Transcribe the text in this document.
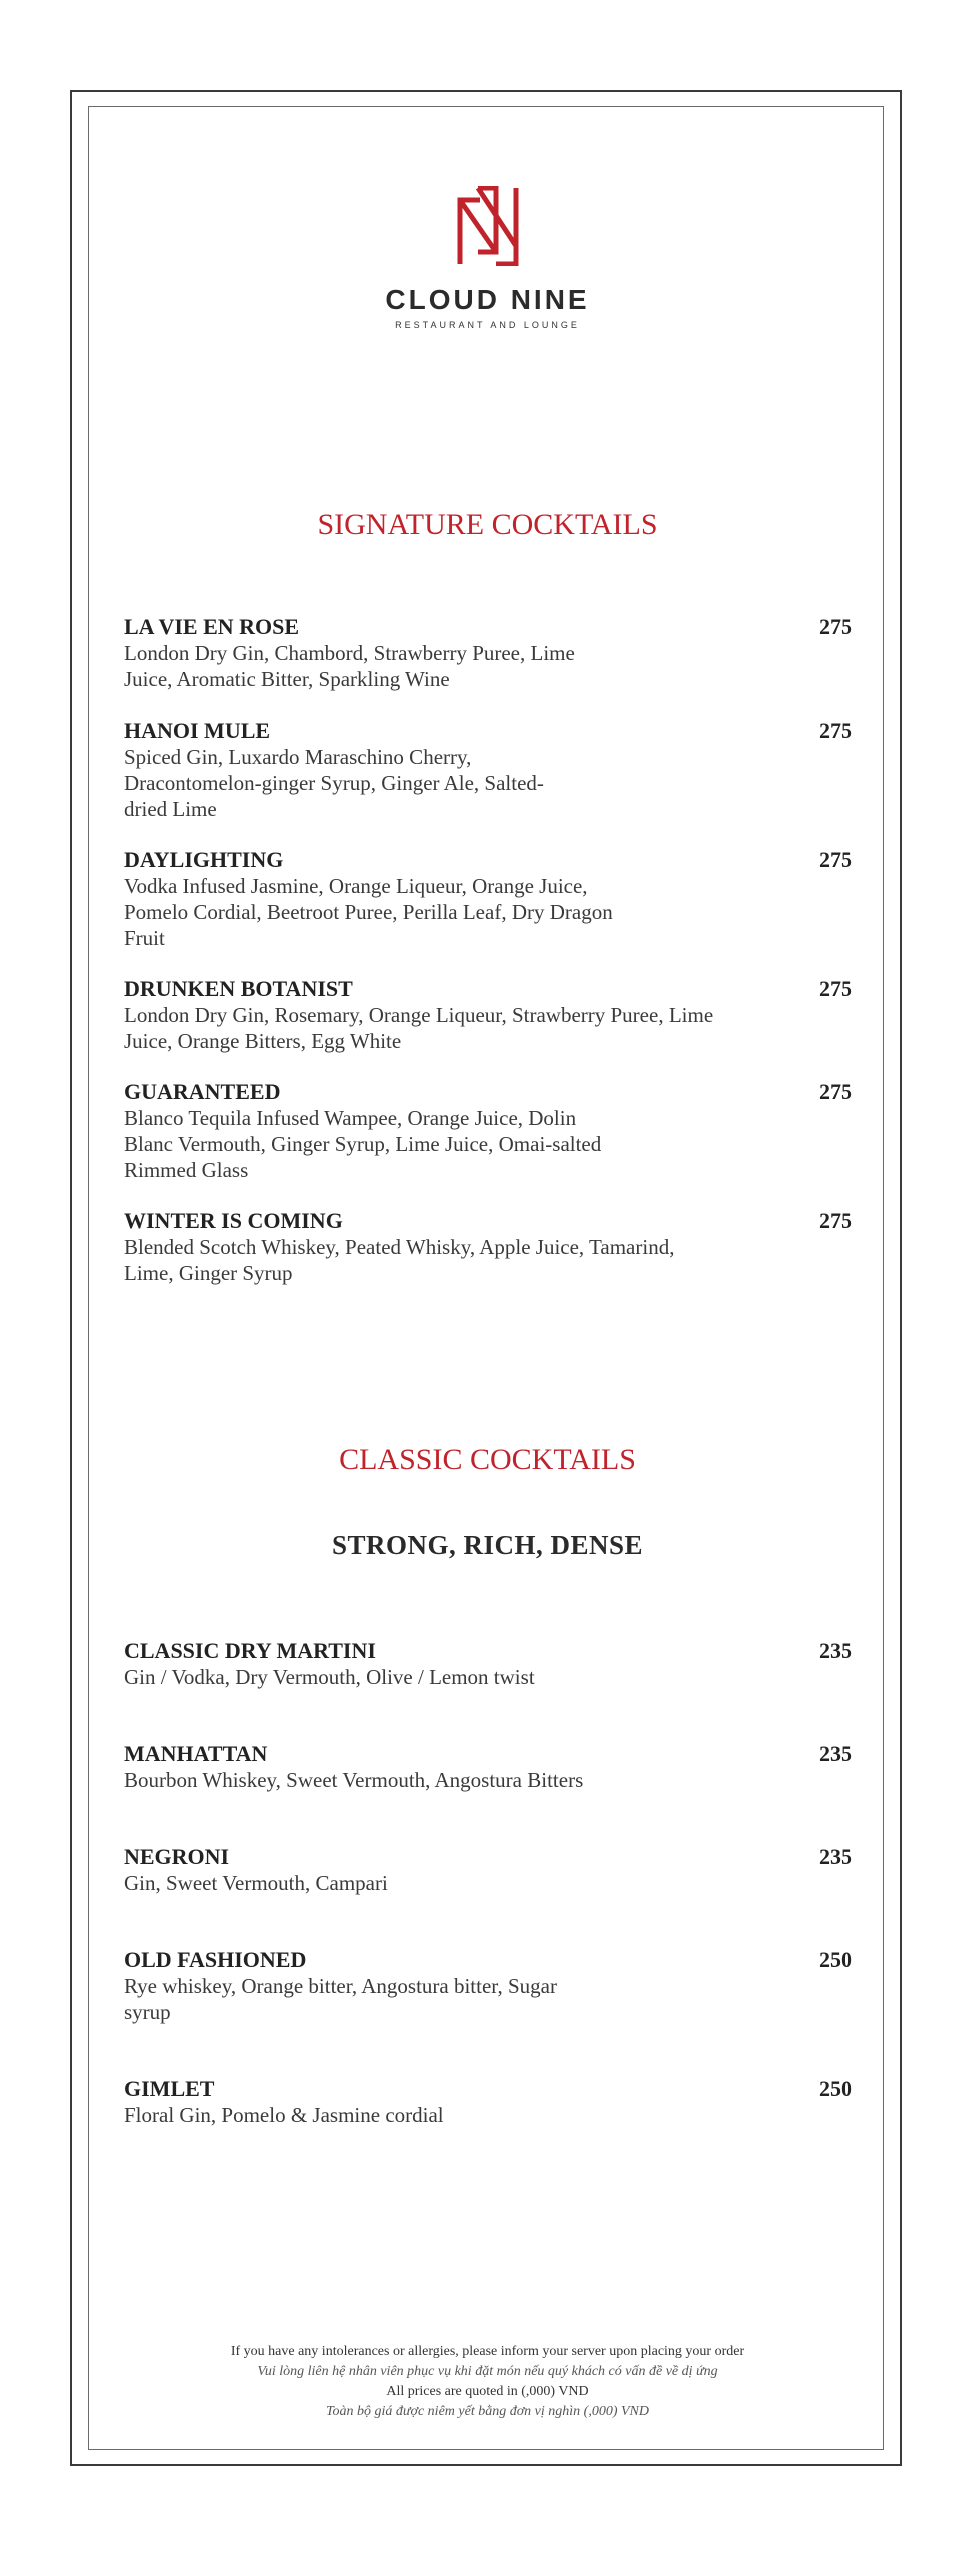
CLOUD NINE
RESTAURANT AND LOUNGE
SIGNATURE COCKTAILS
LA VIE EN ROSE	275
London Dry Gin, Chambord, Strawberry Puree, Lime Juice, Aromatic Bitter, Sparkling Wine
HANOI MULE	275
Spiced Gin, Luxardo Maraschino Cherry, Dracontomelon-ginger Syrup, Ginger Ale, Salted-dried Lime
DAYLIGHTING	275
Vodka Infused Jasmine, Orange Liqueur, Orange Juice, Pomelo Cordial, Beetroot Puree, Perilla Leaf, Dry Dragon Fruit
DRUNKEN BOTANIST	275
London Dry Gin, Rosemary, Orange Liqueur, Strawberry Puree, Lime Juice, Orange Bitters, Egg White
GUARANTEED	275
Blanco Tequila Infused Wampee, Orange Juice, Dolin Blanc Vermouth, Ginger Syrup, Lime Juice, Omai-salted Rimmed Glass
WINTER IS COMING	275
Blended Scotch Whiskey, Peated Whisky, Apple Juice, Tamarind, Lime, Ginger Syrup
CLASSIC COCKTAILS
STRONG, RICH, DENSE
CLASSIC DRY MARTINI	235
Gin / Vodka, Dry Vermouth, Olive / Lemon twist
MANHATTAN	235
Bourbon Whiskey, Sweet Vermouth, Angostura Bitters
NEGRONI	235
Gin, Sweet Vermouth, Campari
OLD FASHIONED	250
Rye whiskey, Orange bitter, Angostura bitter, Sugar syrup
GIMLET	250
Floral Gin, Pomelo & Jasmine cordial
If you have any intolerances or allergies, please inform your server upon placing your order
Vui lòng liên hệ nhân viên phục vụ khi đặt món nếu quý khách có vấn đề về dị ứng
All prices are quoted in (,000) VND
Toàn bộ giá được niêm yết bằng đơn vị nghìn (,000) VND
